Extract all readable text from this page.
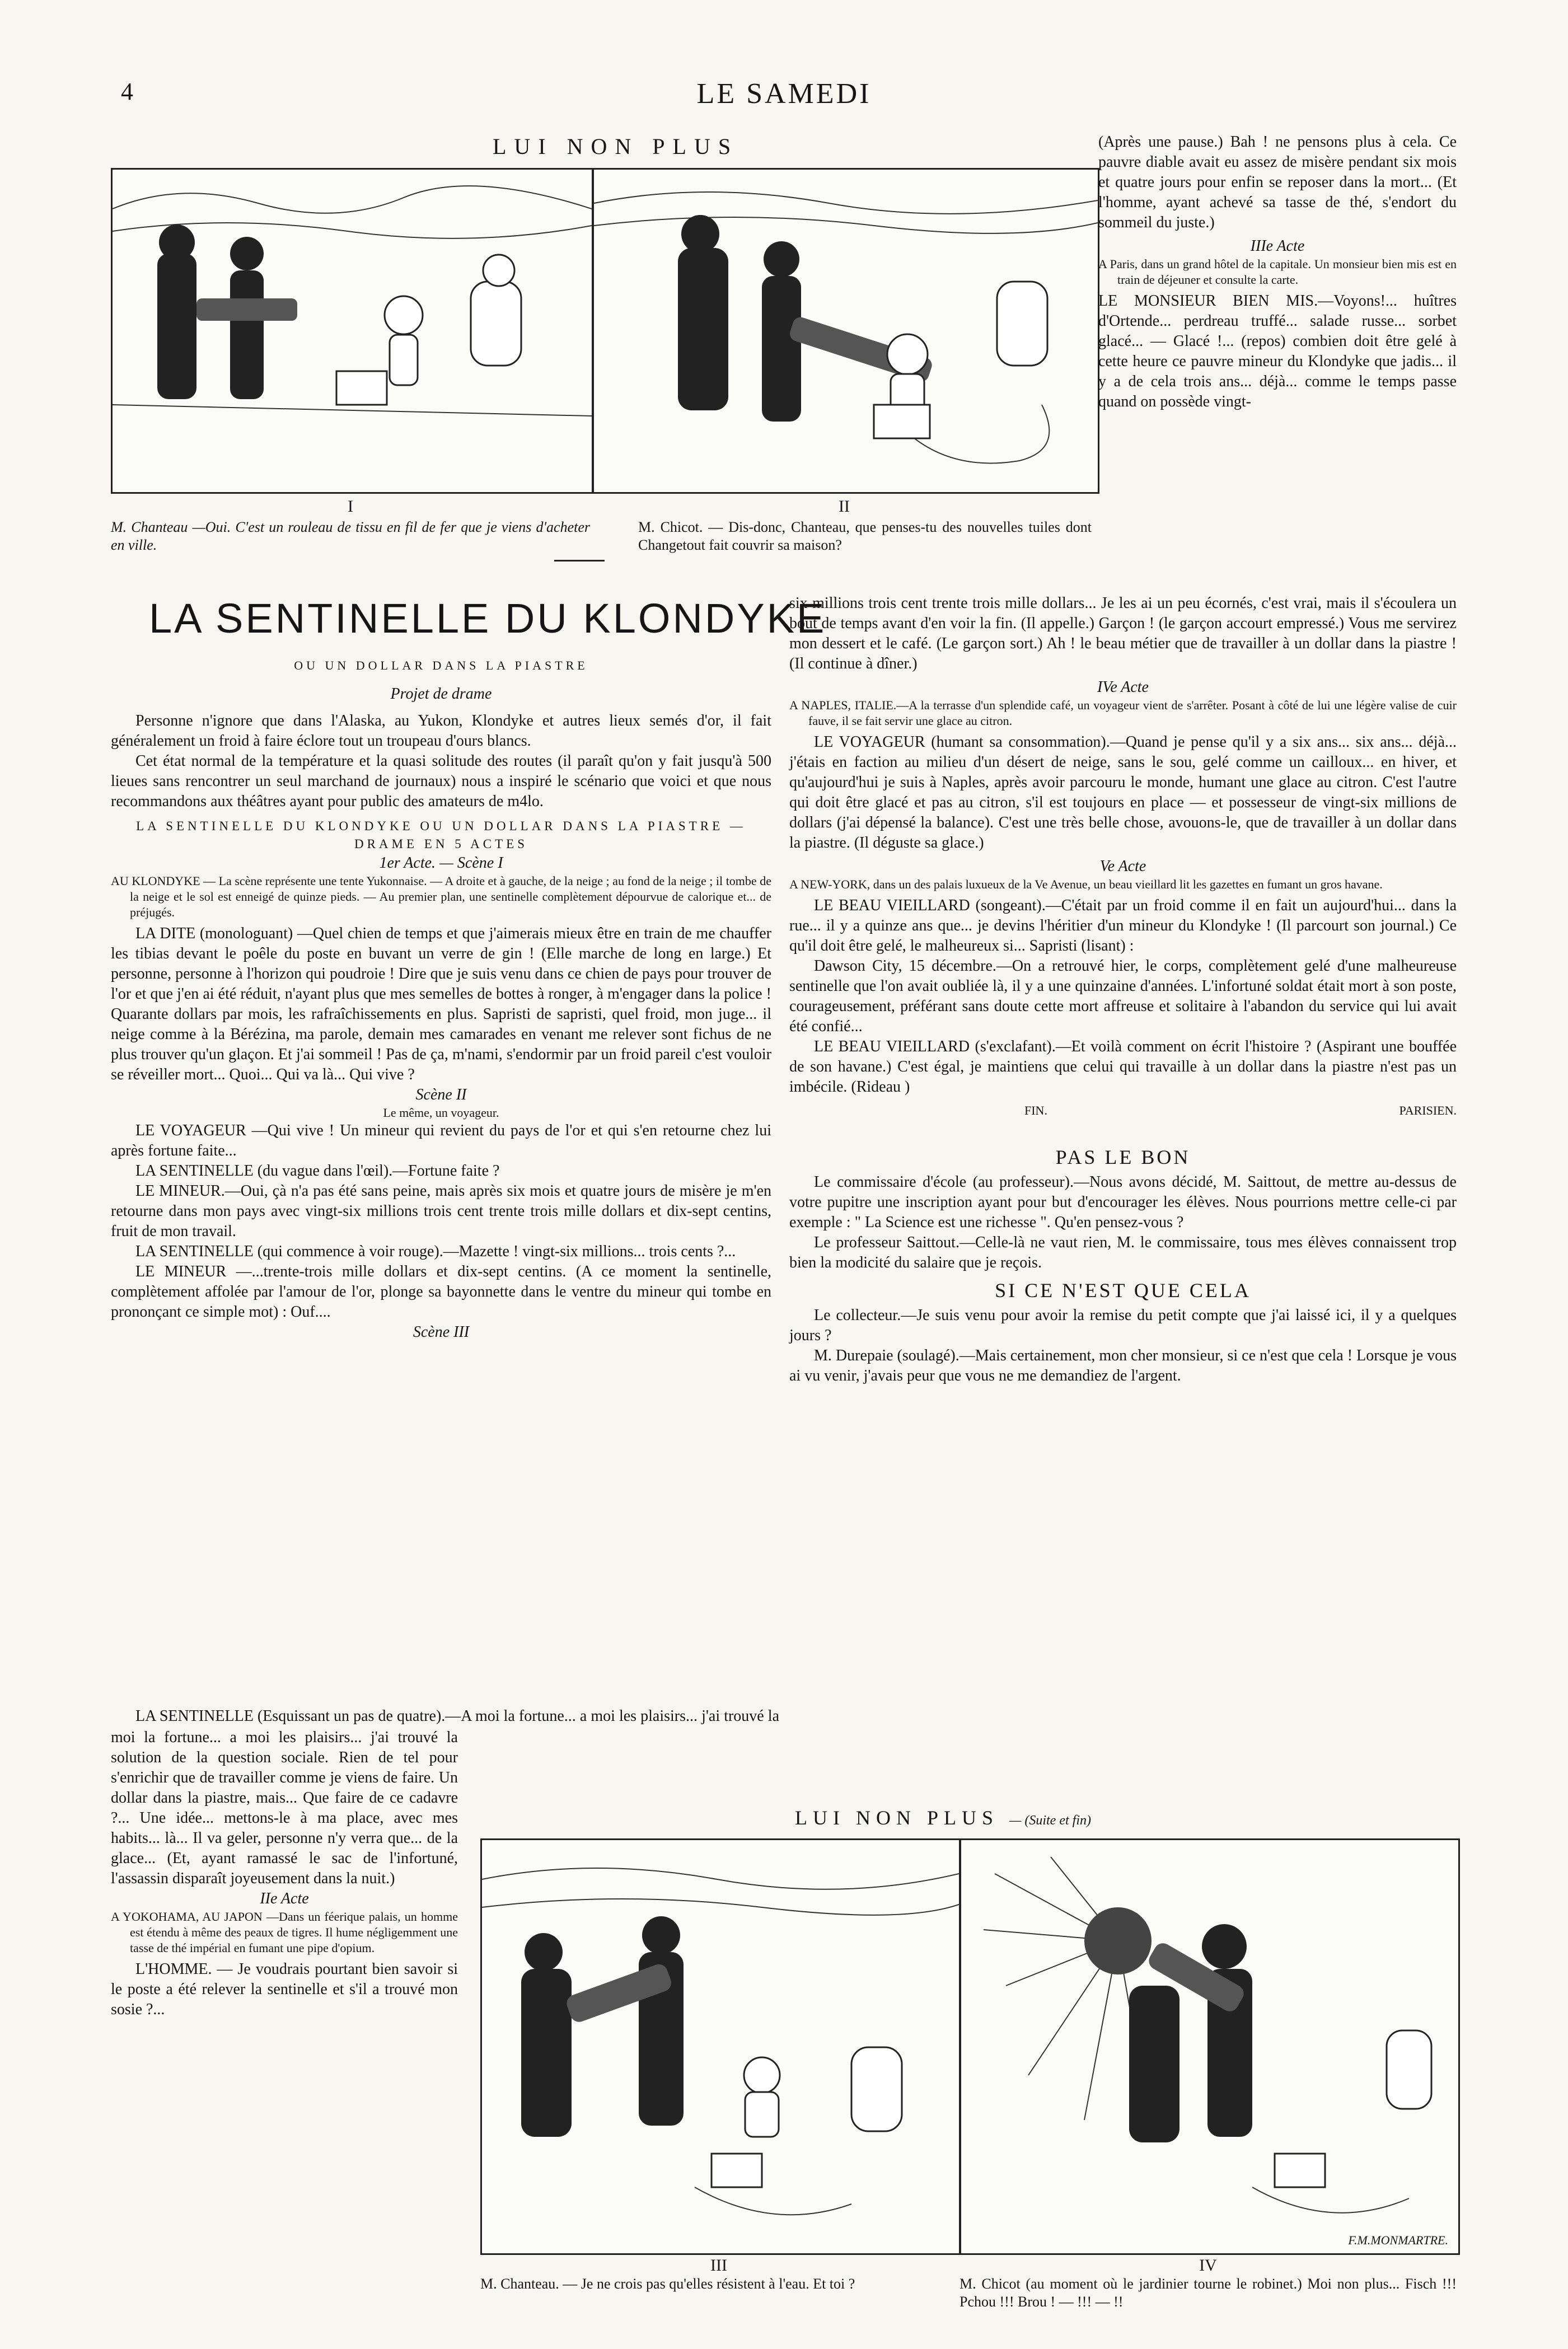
4	LE SAMEDI
LUI NON PLUS
I
M. Chanteau —Oui. C'est un rouleau de tissu en fil de fer que je viens d'acheter en ville.
II
M. Chicot. — Dis-donc, Chanteau, que penses-tu des nouvelles tuiles dont Changetout fait couvrir sa maison?

(Après une pause.) Bah ! ne pensons plus à cela. Ce pauvre diable avait eu assez de misère pendant six mois et quatre jours pour enfin se reposer dans la mort... (Et l'homme, ayant achevé sa tasse de thé, s'endort du sommeil du juste.)

IIIe Acte

A Paris, dans un grand hôtel de la capitale. Un monsieur bien mis est en train de déjeuner et consulte la carte.

LE MONSIEUR BIEN MIS.—Voyons!... huîtres d'Ortende... perdreau truffé... salade russe... sorbet glacé... — Glacé !... (repos) combien doit être gelé à cette heure ce pauvre mineur du Klondyke que jadis... il y a de cela trois ans... déjà... comme le temps passe quand on possède vingt-

six millions trois cent trente trois mille dollars... Je les ai un peu écornés, c'est vrai, mais il s'écoulera un bout de temps avant d'en voir la fin. (Il appelle.) Garçon ! (le garçon accourt empressé.) Vous me servirez mon dessert et le café. (Le garçon sort.) Ah ! le beau métier que de travailler à un dollar dans la piastre ! (Il continue à dîner.)

IVe Acte

A NAPLES, ITALIE.—A la terrasse d'un splendide café, un voyageur vient de s'arrêter. Posant à côté de lui une légère valise de cuir fauve, il se fait servir une glace au citron.

LE VOYAGEUR (humant sa consommation).—Quand je pense qu'il y a six ans... six ans... déjà... j'étais en faction au milieu d'un désert de neige, sans le sou, gelé comme un cailloux... en hiver, et qu'aujourd'hui je suis à Naples, après avoir parcouru le monde, humant une glace au citron. C'est l'autre qui doit être glacé et pas au citron, s'il est toujours en place — et possesseur de vingt-six millions de dollars (j'ai dépensé la balance). C'est une très belle chose, avouons-le, que de travailler à un dollar dans la piastre. (Il déguste sa glace.)

Ve Acte

A NEW-YORK, dans un des palais luxueux de la Ve Avenue, un beau vieillard lit les gazettes en fumant un gros havane.

LE BEAU VIEILLARD (songeant).—C'était par un froid comme il en fait un aujourd'hui... dans la rue... il y a quinze ans que... je devins l'héritier d'un mineur du Klondyke ! (Il parcourt son journal.) Ce qu'il doit être gelé, le malheureux si... Sapristi (lisant) :

Dawson City, 15 décembre.—On a retrouvé hier, le corps, complètement gelé d'une malheureuse sentinelle que l'on avait oubliée là, il y a une quinzaine d'années. L'infortuné soldat était mort à son poste, courageusement, préférant sans doute cette mort affreuse et solitaire à l'abandon du service qui lui avait été confié...

LE BEAU VIEILLARD (s'exclafant).—Et voilà comment on écrit l'histoire ? (Aspirant une bouffée de son havane.) C'est égal, je maintiens que celui qui travaille à un dollar dans la piastre n'est pas un imbécile. (Rideau )

FIN.	PARISIEN.

PAS LE BON

Le commissaire d'école (au professeur).—Nous avons décidé, M. Saittout, de mettre au-dessus de votre pupitre une inscription ayant pour but d'encourager les élèves. Nous pourrions mettre celle-ci par exemple : " La Science est une richesse ". Qu'en pensez-vous ?

Le professeur Saittout.—Celle-là ne vaut rien, M. le commissaire, tous mes élèves connaissent trop bien la modicité du salaire que je reçois.

SI CE N'EST QUE CELA

Le collecteur.—Je suis venu pour avoir la remise du petit compte que j'ai laissé ici, il y a quelques jours ?

M. Durepaie (soulagé).—Mais certainement, mon cher monsieur, si ce n'est que cela ! Lorsque je vous ai vu venir, j'avais peur que vous ne me demandiez de l'argent.

LA SENTINELLE DU KLONDYKE
OU UN DOLLAR DANS LA PIASTRE
Projet de drame

Personne n'ignore que dans l'Alaska, au Yukon, Klondyke et autres lieux semés d'or, il fait généralement un froid à faire éclore tout un troupeau d'ours blancs.

Cet état normal de la température et la quasi solitude des routes (il paraît qu'on y fait jusqu'à 500 lieues sans rencontrer un seul marchand de journaux) nous a inspiré le scénario que voici et que nous recommandons aux théâtres ayant pour public des amateurs de m4lo.

LA SENTINELLE DU KLONDYKE OU UN DOLLAR DANS LA PIASTRE — DRAME EN 5 ACTES

1er Acte. — Scène I

AU KLONDYKE — La scène représente une tente Yukonnaise. — A droite et à gauche, de la neige ; au fond de la neige ; il tombe de la neige et le sol est enneigé de quinze pieds. — Au premier plan, une sentinelle complètement dépourvue de calorique et... de préjugés.

LA DITE (monologuant) —Quel chien de temps et que j'aimerais mieux être en train de me chauffer les tibias devant le poêle du poste en buvant un verre de gin ! (Elle marche de long en large.) Et personne, personne à l'horizon qui poudroie ! Dire que je suis venu dans ce chien de pays pour trouver de l'or et que j'en ai été réduit, n'ayant plus que mes semelles de bottes à ronger, à m'engager dans la police ! Quarante dollars par mois, les rafraîchissements en plus. Sapristi de sapristi, quel froid, mon juge... il neige comme à la Bérézina, ma parole, demain mes camarades en venant me relever sont fichus de ne plus trouver qu'un glaçon. Et j'ai sommeil ! Pas de ça, m'nami, s'endormir par un froid pareil c'est vouloir se réveiller mort... Quoi... Qui va là... Qui vive ?

Scène II

Le même, un voyageur.

LE VOYAGEUR —Qui vive ! Un mineur qui revient du pays de l'or et qui s'en retourne chez lui après fortune faite...

LA SENTINELLE (du vague dans l'œil).—Fortune faite ?

LE MINEUR.—Oui, çà n'a pas été sans peine, mais après six mois et quatre jours de misère je m'en retourne dans mon pays avec vingt-six millions trois cent trente trois mille dollars et dix-sept centins, fruit de mon travail.

LA SENTINELLE (qui commence à voir rouge).—Mazette ! vingt-six millions... trois cents ?...

LE MINEUR —...trente-trois mille dollars et dix-sept centins. (A ce moment la sentinelle, complètement affolée par l'amour de l'or, plonge sa bayonnette dans le ventre du mineur qui tombe en prononçant ce simple mot) : Ouf....

Scène III

LA SENTINELLE (Esquissant un pas de quatre).—A moi la fortune... a moi les plaisirs... j'ai trouvé la

moi la fortune... a moi les plaisirs... j'ai trouvé la solution de la question sociale. Rien de tel pour s'enrichir que de travailler comme je viens de faire. Un dollar dans la piastre, mais... Que faire de ce cadavre ?... Une idée... mettons-le à ma place, avec mes habits... là... Il va geler, personne n'y verra que... de la glace... (Et, ayant ramassé le sac de l'infortuné, l'assassin disparaît joyeusement dans la nuit.)

IIe Acte

A YOKOHAMA, AU JAPON —Dans un féerique palais, un homme est étendu à même des peaux de tigres. Il hume négligemment une tasse de thé impérial en fumant une pipe d'opium.

L'HOMME. — Je voudrais pourtant bien savoir si le poste a été relever la sentinelle et s'il a trouvé mon sosie ?...

LUI NON PLUS — (Suite et fin)
F.M.MONMARTRE.
III
M. Chanteau. — Je ne crois pas qu'elles résistent à l'eau. Et toi ?
IV
M. Chicot (au moment où le jardinier tourne le robinet.) Moi non plus... Fisch !!! Pchou !!! Brou ! — !!! — !!
